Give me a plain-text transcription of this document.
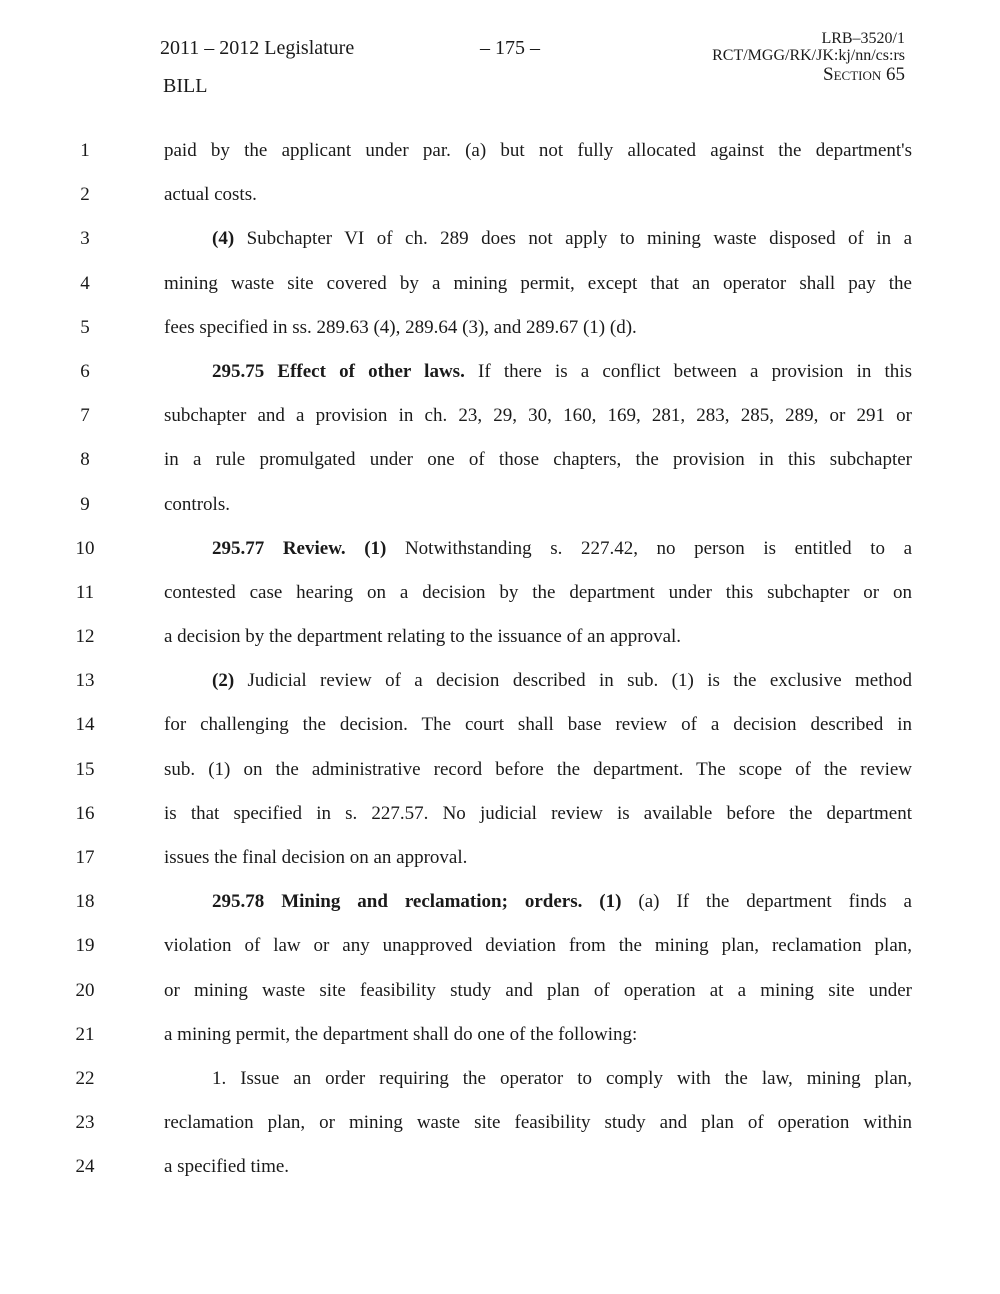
2011 – 2012 Legislature
BILL
– 175 –	LRB–3520/1
RCT/MGG/RK/JK:kj/nn/cs:rs
Section 65
1	paid by the applicant under par. (a) but not fully allocated against the department's
2	actual costs.
3	(4) Subchapter VI of ch. 289 does not apply to mining waste disposed of in a
4	mining waste site covered by a mining permit, except that an operator shall pay the
5	fees specified in ss. 289.63 (4), 289.64 (3), and 289.67 (1) (d).
6	295.75 Effect of other laws. If there is a conflict between a provision in this
7	subchapter and a provision in ch. 23, 29, 30, 160, 169, 281, 283, 285, 289, or 291 or
8	in a rule promulgated under one of those chapters, the provision in this subchapter
9	controls.
10	295.77 Review. (1) Notwithstanding s. 227.42, no person is entitled to a
11	contested case hearing on a decision by the department under this subchapter or on
12	a decision by the department relating to the issuance of an approval.
13	(2) Judicial review of a decision described in sub. (1) is the exclusive method
14	for challenging the decision. The court shall base review of a decision described in
15	sub. (1) on the administrative record before the department. The scope of the review
16	is that specified in s. 227.57. No judicial review is available before the department
17	issues the final decision on an approval.
18	295.78 Mining and reclamation; orders. (1) (a) If the department finds a
19	violation of law or any unapproved deviation from the mining plan, reclamation plan,
20	or mining waste site feasibility study and plan of operation at a mining site under
21	a mining permit, the department shall do one of the following:
22	1. Issue an order requiring the operator to comply with the law, mining plan,
23	reclamation plan, or mining waste site feasibility study and plan of operation within
24	a specified time.
